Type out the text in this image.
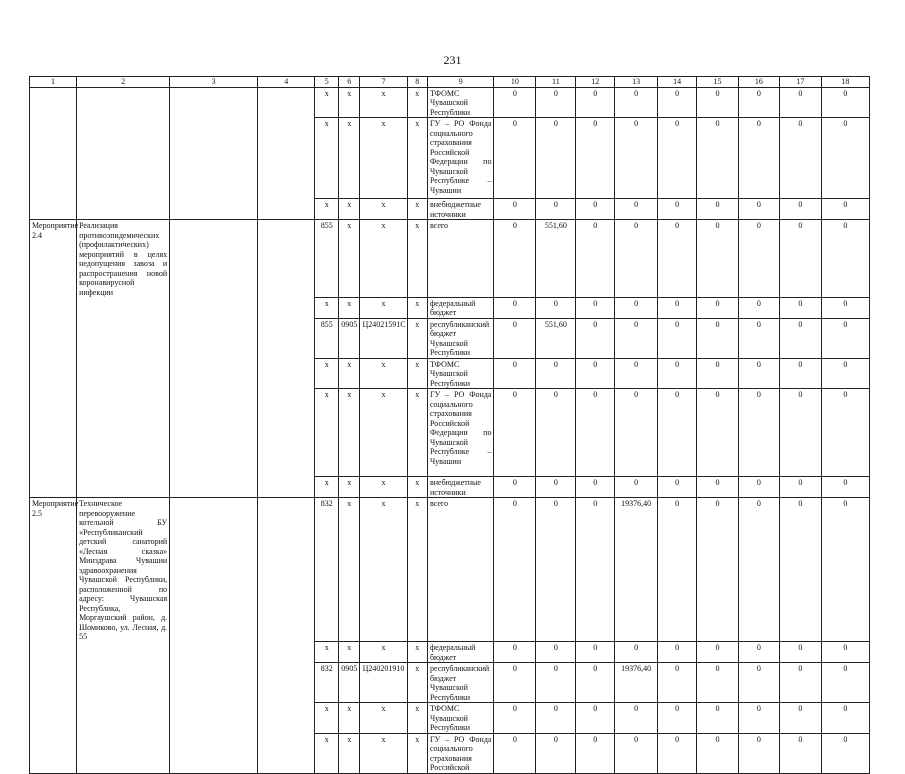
231
1	2	3	4	5	6	7	8	9	10	11	12	13	14	15	16	17	18
				х	х	х	х	ТФОМС Чувашской Республики	0	0	0	0	0	0	0	0	0
				х	х	х	х	ГУ – РО Фонда социального страхования Российской Федерации по Чувашской Республике – Чувашии	0	0	0	0	0	0	0	0	0
				х	х	х	х	внебюджетные источники	0	0	0	0	0	0	0	0	0
Мероприятие 2.4	Реализация противоэпидемических (профилактических) мероприятий в целях недопущения завоза и распространения новой коронавирусной инфекции			855	х	х	х	всего	0	551,60	0	0	0	0	0	0	0
				х	х	х	х	федеральный бюджет	0	0	0	0	0	0	0	0	0
				855	0905	Ц24021591С	х	республиканский бюджет Чувашской Республики	0	551,60	0	0	0	0	0	0	0
				х	х	х	х	ТФОМС Чувашской Республики	0	0	0	0	0	0	0	0	0
				х	х	х	х	ГУ – РО Фонда социального страхования Российской Федерации по Чувашской Республике – Чувашии	0	0	0	0	0	0	0	0	0
				х	х	х	х	внебюджетные источники	0	0	0	0	0	0	0	0	0
Мероприятие 2.5	Техническое перевооружение котельной БУ «Республиканский детский санаторий «Лесная сказка» Минздрава Чувашии здравоохранения Чувашской Республики, расположенной по адресу: Чувашская Республика, Моргаушский район, д. Шомиково, ул. Лесная, д. 55			832	х	х	х	всего	0	0	0	19376,40	0	0	0	0	0
				х	х	х	х	федеральный бюджет	0	0	0	0	0	0	0	0	0
				832	0905	Ц240201910	х	республиканский бюджет Чувашской Республики	0	0	0	19376,40	0	0	0	0	0
				х	х	х	х	ТФОМС Чувашской Республики	0	0	0	0	0	0	0	0	0
				х	х	х	х	ГУ – РО Фонда социального страхования Российской	0	0	0	0	0	0	0	0	0
